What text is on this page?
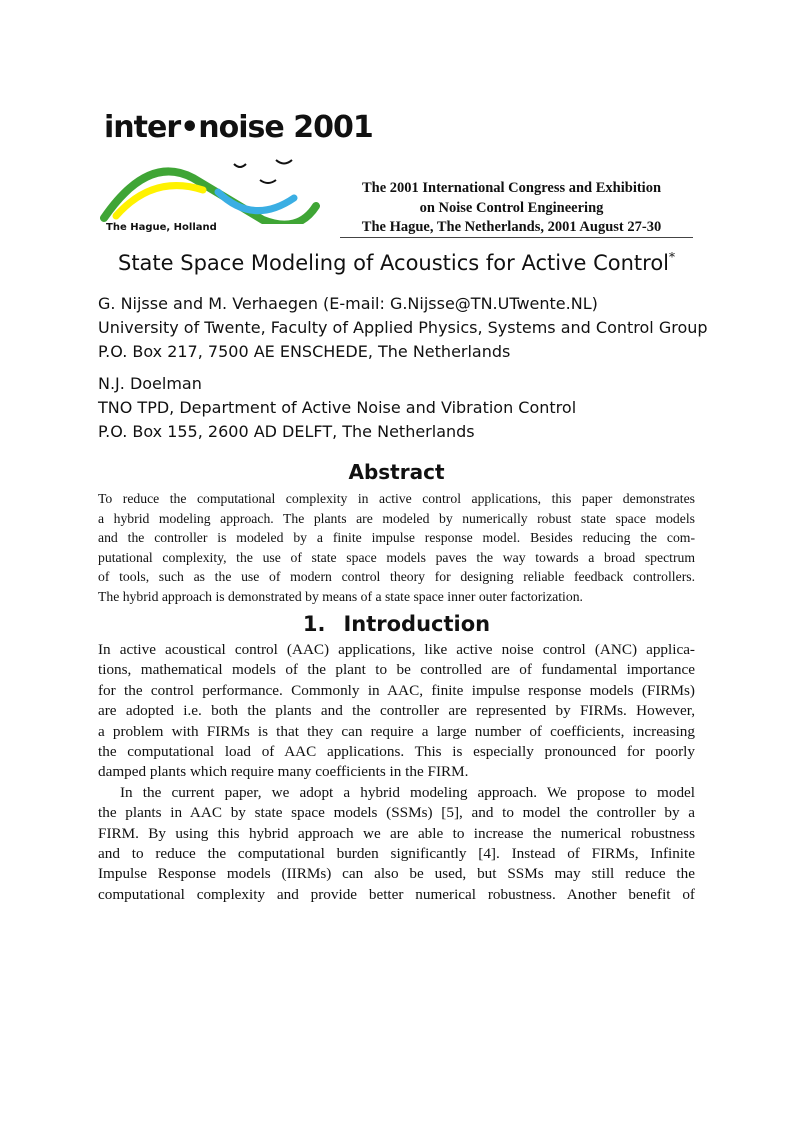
inter•noise 2001
The Hague, Holland
The 2001 International Congress and Exhibition
on Noise Control Engineering
The Hague, The Netherlands, 2001 August 27-30
State Space Modeling of Acoustics for Active Control*
G. Nijsse and M. Verhaegen (E-mail: G.Nijsse@TN.UTwente.NL)
University of Twente, Faculty of Applied Physics, Systems and Control Group
P.O. Box 217, 7500 AE ENSCHEDE, The Netherlands
N.J. Doelman
TNO TPD, Department of Active Noise and Vibration Control
P.O. Box 155, 2600 AD DELFT, The Netherlands
Abstract
To reduce the computational complexity in active control applications, this paper demonstrates
a hybrid modeling approach. The plants are modeled by numerically robust state space models
and the controller is modeled by a finite impulse response model. Besides reducing the com-
putational complexity, the use of state space models paves the way towards a broad spectrum
of tools, such as the use of modern control theory for designing reliable feedback controllers.
The hybrid approach is demonstrated by means of a state space inner outer factorization.
1. Introduction
In active acoustical control (AAC) applications, like active noise control (ANC) applica-
tions, mathematical models of the plant to be controlled are of fundamental importance
for the control performance. Commonly in AAC, finite impulse response models (FIRMs)
are adopted i.e. both the plants and the controller are represented by FIRMs. However,
a problem with FIRMs is that they can require a large number of coefficients, increasing
the computational load of AAC applications. This is especially pronounced for poorly
damped plants which require many coefficients in the FIRM.
In the current paper, we adopt a hybrid modeling approach. We propose to model
the plants in AAC by state space models (SSMs) [5], and to model the controller by a
FIRM. By using this hybrid approach we are able to increase the numerical robustness
and to reduce the computational burden significantly [4]. Instead of FIRMs, Infinite
Impulse Response models (IIRMs) can also be used, but SSMs may still reduce the
computational complexity and provide better numerical robustness. Another benefit of
